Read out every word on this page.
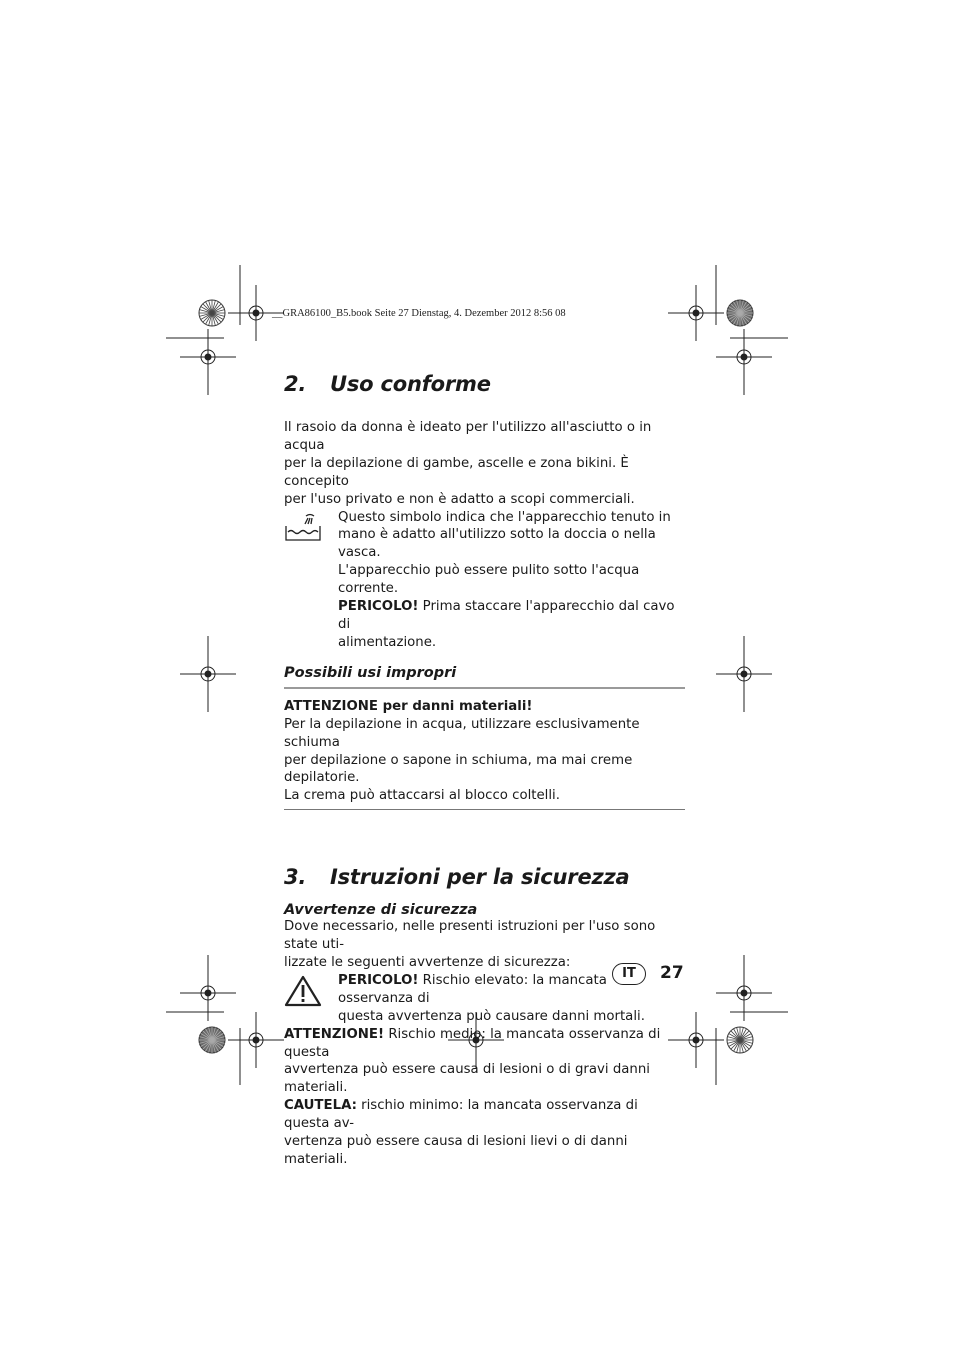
__GRA86100_B5.book Seite 27 Dienstag, 4. Dezember 2012 8:56 08
2.	Uso conforme

Il rasoio da donna è ideato per l'utilizzo all'asciutto o in acqua
per la depilazione di gambe, ascelle e zona bikini. È concepito
per l'uso privato e non è adatto a scopi commerciali.

Questo simbolo indica che l'apparecchio tenuto in
mano è adatto all'utilizzo sotto la doccia o nella vasca.
L'apparecchio può essere pulito sotto l'acqua corrente.
PERICOLO! Prima staccare l'apparecchio dal cavo di
alimentazione.

Possibili usi impropri

ATTENZIONE per danni materiali!
Per la depilazione in acqua, utilizzare esclusivamente schiuma
per depilazione o sapone in schiuma, ma mai creme depilatorie.
La crema può attaccarsi al blocco coltelli.

3.	Istruzioni per la sicurezza
Avvertenze di sicurezza

Dove necessario, nelle presenti istruzioni per l'uso sono state uti-
lizzate le seguenti avvertenze di sicurezza:

PERICOLO! Rischio elevato: la mancata osservanza di
questa avvertenza può causare danni mortali.

ATTENZIONE! Rischio medio: la mancata osservanza di questa
avvertenza può essere causa di lesioni o di gravi danni materiali.
CAUTELA: rischio minimo: la mancata osservanza di questa av-
vertenza può essere causa di lesioni lievi o di danni materiali.

IT	27
